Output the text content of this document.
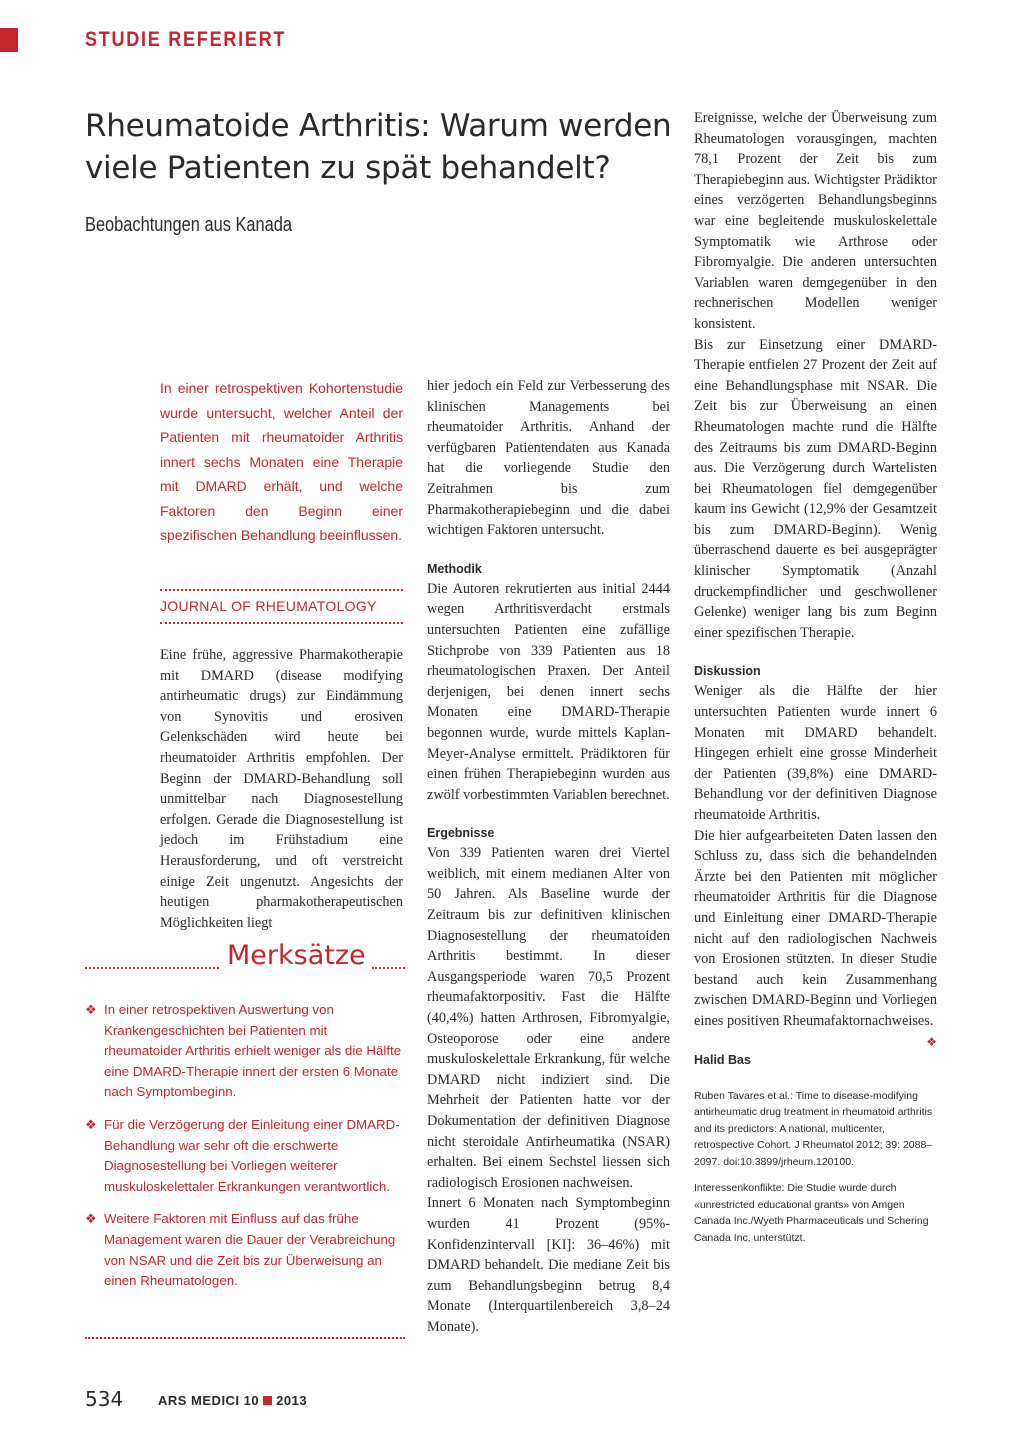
STUDIE REFERIERT
Rheumatoide Arthritis: Warum werden viele Patienten zu spät behandelt?
Beobachtungen aus Kanada
In einer retrospektiven Kohortenstudie wurde untersucht, welcher Anteil der Patienten mit rheumatoider Arthritis innert sechs Monaten eine Therapie mit DMARD erhält, und welche Faktoren den Beginn einer spezifischen Behandlung beeinflussen.
JOURNAL OF RHEUMATOLOGY

Eine frühe, aggressive Pharmakotherapie mit DMARD (disease modifying antirheumatic drugs) zur Eindämmung von Synovitis und erosiven Gelenkschäden wird heute bei rheumatoider Arthritis empfohlen. Der Beginn der DMARD-Behandlung soll unmittelbar nach Diagnosestellung erfolgen. Gerade die Diagnosestellung ist jedoch im Frühstadium eine Herausforderung, und oft verstreicht einige Zeit ungenutzt. Angesichts der heutigen pharmakotherapeutischen Möglichkeiten liegt

Merksätze
❖ In einer retrospektiven Auswertung von Krankengeschichten bei Patienten mit rheumatoider Arthritis erhielt weniger als die Hälfte eine DMARD-Therapie innert der ersten 6 Monate nach Symptombeginn.
❖ Für die Verzögerung der Einleitung einer DMARD-Behandlung war sehr oft die erschwerte Diagnosestellung bei Vorliegen weiterer muskuloskelettaler Erkrankungen verantwortlich.
❖ Weitere Faktoren mit Einfluss auf das frühe Management waren die Dauer der Verabreichung von NSAR und die Zeit bis zur Überweisung an einen Rheumatologen.

hier jedoch ein Feld zur Verbesserung des klinischen Managements bei rheumatoider Arthritis. Anhand der verfügbaren Patientendaten aus Kanada hat die vorliegende Studie den Zeitrahmen bis zum Pharmakotherapiebeginn und die dabei wichtigen Faktoren untersucht.

Methodik

Die Autoren rekrutierten aus initial 2444 wegen Arthritisverdacht erstmals untersuchten Patienten eine zufällige Stichprobe von 339 Patienten aus 18 rheumatologischen Praxen. Der Anteil derjenigen, bei denen innert sechs Monaten eine DMARD-Therapie begonnen wurde, wurde mittels Kaplan-Meyer-Analyse ermittelt. Prädiktoren für einen frühen Therapiebeginn wurden aus zwölf vorbestimmten Variablen berechnet.

Ergebnisse

Von 339 Patienten waren drei Viertel weiblich, mit einem medianen Alter von 50 Jahren. Als Baseline wurde der Zeitraum bis zur definitiven klinischen Diagnosestellung der rheumatoiden Arthritis bestimmt. In dieser Ausgangsperiode waren 70,5 Prozent rheumafaktorpositiv. Fast die Hälfte (40,4%) hatten Arthrosen, Fibromyalgie, Osteoporose oder eine andere muskuloskelettale Erkrankung, für welche DMARD nicht indiziert sind. Die Mehrheit der Patienten hatte vor der Dokumentation der definitiven Diagnose nicht steroidale Antirheumatika (NSAR) erhalten. Bei einem Sechstel liessen sich radiologisch Erosionen nachweisen.

Innert 6 Monaten nach Symptombeginn wurden 41 Prozent (95%-Konfidenzintervall [KI]: 36–46%) mit DMARD behandelt. Die mediane Zeit bis zum Behandlungsbeginn betrug 8,4 Monate (Interquartilenbereich 3,8–24 Monate).

Ereignisse, welche der Überweisung zum Rheumatologen vorausgingen, machten 78,1 Prozent der Zeit bis zum Therapiebeginn aus. Wichtigster Prädiktor eines verzögerten Behandlungsbeginns war eine begleitende muskuloskelettale Symptomatik wie Arthrose oder Fibromyalgie. Die anderen untersuchten Variablen waren demgegenüber in den rechnerischen Modellen weniger konsistent.

Bis zur Einsetzung einer DMARD-Therapie entfielen 27 Prozent der Zeit auf eine Behandlungsphase mit NSAR. Die Zeit bis zur Überweisung an einen Rheumatologen machte rund die Hälfte des Zeitraums bis zum DMARD-Beginn aus. Die Verzögerung durch Wartelisten bei Rheumatologen fiel demgegenüber kaum ins Gewicht (12,9% der Gesamtzeit bis zum DMARD-Beginn). Wenig überraschend dauerte es bei ausgeprägter klinischer Symptomatik (Anzahl druckempfindlicher und geschwollener Gelenke) weniger lang bis zum Beginn einer spezifischen Therapie.

Diskussion

Weniger als die Hälfte der hier untersuchten Patienten wurde innert 6 Monaten mit DMARD behandelt. Hingegen erhielt eine grosse Minderheit der Patienten (39,8%) eine DMARD-Behandlung vor der definitiven Diagnose rheumatoide Arthritis.

Die hier aufgearbeiteten Daten lassen den Schluss zu, dass sich die behandelnden Ärzte bei den Patienten mit möglicher rheumatoider Arthritis für die Diagnose und Einleitung einer DMARD-Therapie nicht auf den radiologischen Nachweis von Erosionen stützten. In dieser Studie bestand auch kein Zusammenhang zwischen DMARD-Beginn und Vorliegen eines positiven Rheumafaktornachweises.
❖

Halid Bas

Ruben Tavares et al.: Time to disease-modifying antirheumatic drug treatment in rheumatoid arthritis and its predictors: A national, multicenter, retrospective Cohort. J Rheumatol 2012; 39: 2088–2097. doi:10.3899/jrheum.120100.

Interessenkonflikte: Die Studie wurde durch «unrestricted educational grants» von Amgen Canada Inc./Wyeth Pharmaceuticals und Schering Canada Inc. unterstützt.

534	ARS MEDICI 10 2013
